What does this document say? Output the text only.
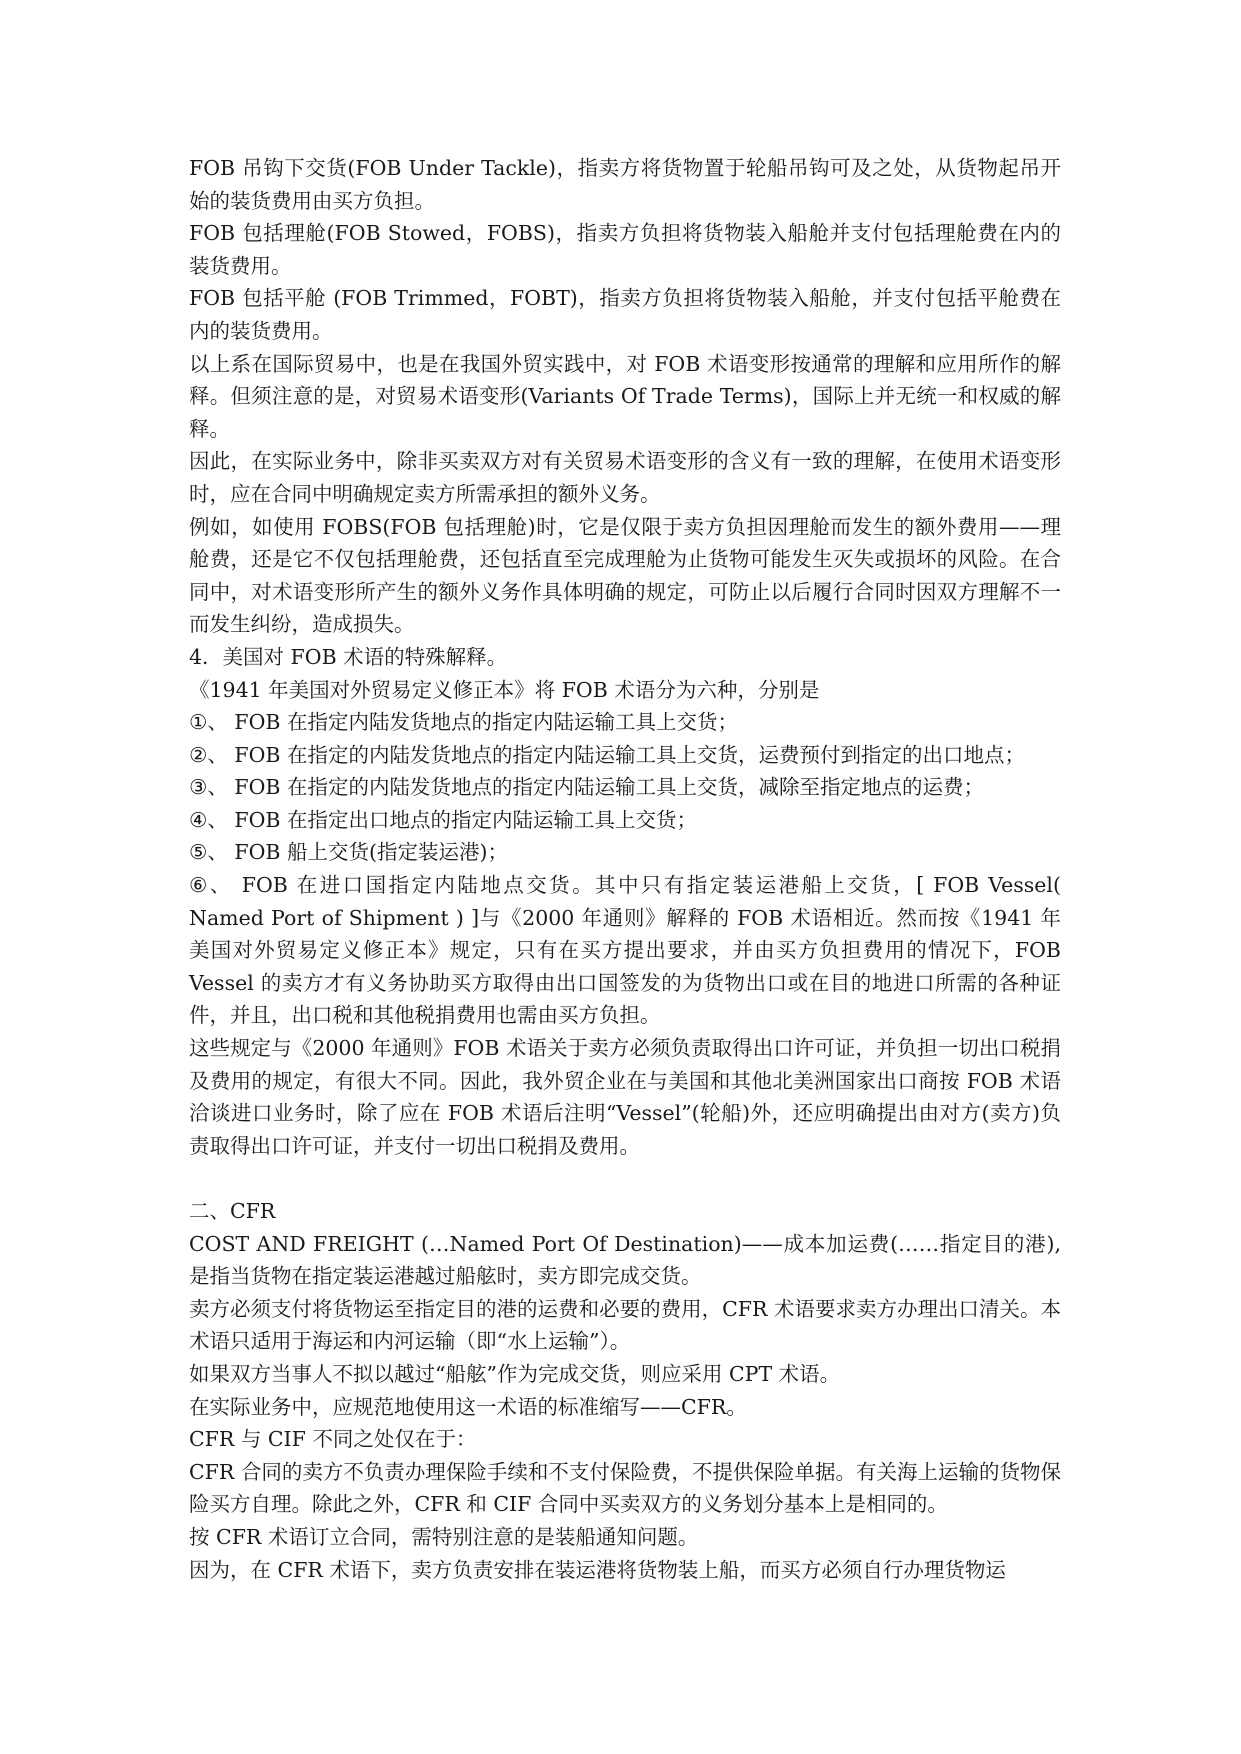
FOB 吊钩下交货(FOB Under Tackle)，指卖方将货物置于轮船吊钩可及之处，从货物起吊开始的装货费用由买方负担。

FOB 包括理舱(FOB Stowed，FOBS)，指卖方负担将货物装入船舱并支付包括理舱费在内的装货费用。

FOB 包括平舱 (FOB Trimmed，FOBT)，指卖方负担将货物装入船舱，并支付包括平舱费在内的装货费用。

以上系在国际贸易中，也是在我国外贸实践中，对 FOB 术语变形按通常的理解和应用所作的解释。但须注意的是，对贸易术语变形(Variants Of Trade Terms)，国际上并无统一和权威的解释。

因此，在实际业务中，除非买卖双方对有关贸易术语变形的含义有一致的理解，在使用术语变形时，应在合同中明确规定卖方所需承担的额外义务。

例如，如使用 FOBS(FOB 包括理舱)时，它是仅限于卖方负担因理舱而发生的额外费用——理舱费，还是它不仅包括理舱费，还包括直至完成理舱为止货物可能发生灭失或损坏的风险。在合同中，对术语变形所产生的额外义务作具体明确的规定，可防止以后履行合同时因双方理解不一而发生纠纷，造成损失。

4．美国对 FOB 术语的特殊解释。

《1941 年美国对外贸易定义修正本》将 FOB 术语分为六种，分别是

①、 FOB 在指定内陆发货地点的指定内陆运输工具上交货；

②、 FOB 在指定的内陆发货地点的指定内陆运输工具上交货，运费预付到指定的出口地点；

③、 FOB 在指定的内陆发货地点的指定内陆运输工具上交货，减除至指定地点的运费；

④、 FOB 在指定出口地点的指定内陆运输工具上交货；

⑤、 FOB 船上交货(指定装运港)；

⑥、 FOB 在进口国指定内陆地点交货。其中只有指定装运港船上交货，[ FOB Vessel( Named Port of Shipment ) ]与《2000 年通则》解释的 FOB 术语相近。然而按《1941 年美国对外贸易定义修正本》规定，只有在买方提出要求，并由买方负担费用的情况下，FOB Vessel 的卖方才有义务协助买方取得由出口国签发的为货物出口或在目的地进口所需的各种证件，并且，出口税和其他税捐费用也需由买方负担。

这些规定与《2000 年通则》FOB 术语关于卖方必须负责取得出口许可证，并负担一切出口税捐及费用的规定，有很大不同。因此，我外贸企业在与美国和其他北美洲国家出口商按 FOB 术语洽谈进口业务时，除了应在 FOB 术语后注明“Vessel”(轮船)外，还应明确提出由对方(卖方)负责取得出口许可证，并支付一切出口税捐及费用。

二、CFR

COST AND FREIGHT (…Named Port Of Destination)——成本加运费(……指定目的港), 是指当货物在指定装运港越过船舷时，卖方即完成交货。

卖方必须支付将货物运至指定目的港的运费和必要的费用，CFR 术语要求卖方办理出口清关。本术语只适用于海运和内河运输（即“水上运输”）。

如果双方当事人不拟以越过“船舷”作为完成交货，则应采用 CPT 术语。

在实际业务中，应规范地使用这一术语的标准缩写——CFR。

CFR 与 CIF 不同之处仅在于：

CFR 合同的卖方不负责办理保险手续和不支付保险费，不提供保险单据。有关海上运输的货物保险买方自理。除此之外，CFR 和 CIF 合同中买卖双方的义务划分基本上是相同的。

按 CFR 术语订立合同，需特别注意的是装船通知问题。

因为，在 CFR 术语下，卖方负责安排在装运港将货物装上船，而买方必须自行办理货物运
